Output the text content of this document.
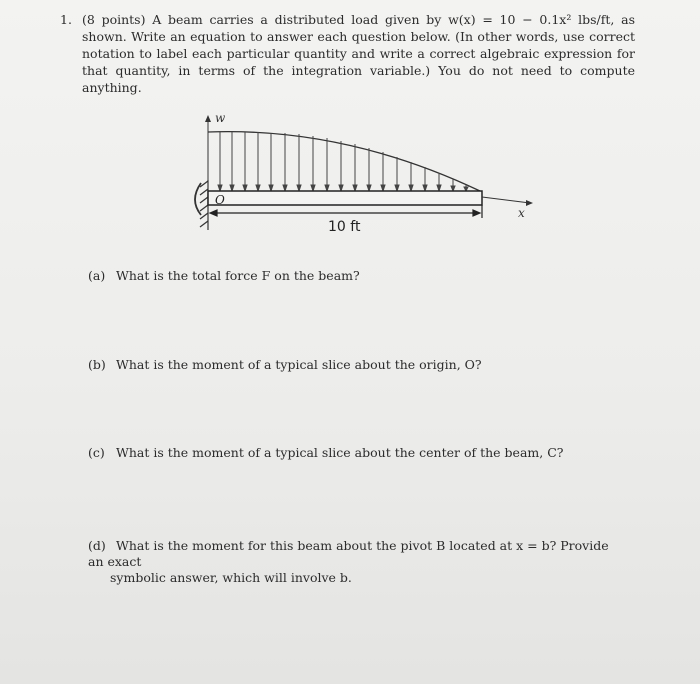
1. (8 points) A beam carries a distributed load given by w(x) = 10 − 0.1x² lbs/ft, as shown. Write an equation to answer each question below. (In other words, use correct notation to label each particular quantity and write a correct algebraic expression for that quantity, in terms of the integration variable.) You do not need to compute anything.
w
O
x
10 ft
(a) What is the total force F on the beam?
(b) What is the moment of a typical slice about the origin, O?
(c) What is the moment of a typical slice about the center of the beam, C?
(d) What is the moment for this beam about the pivot B located at x = b? Provide an exact
symbolic answer, which will involve b.
